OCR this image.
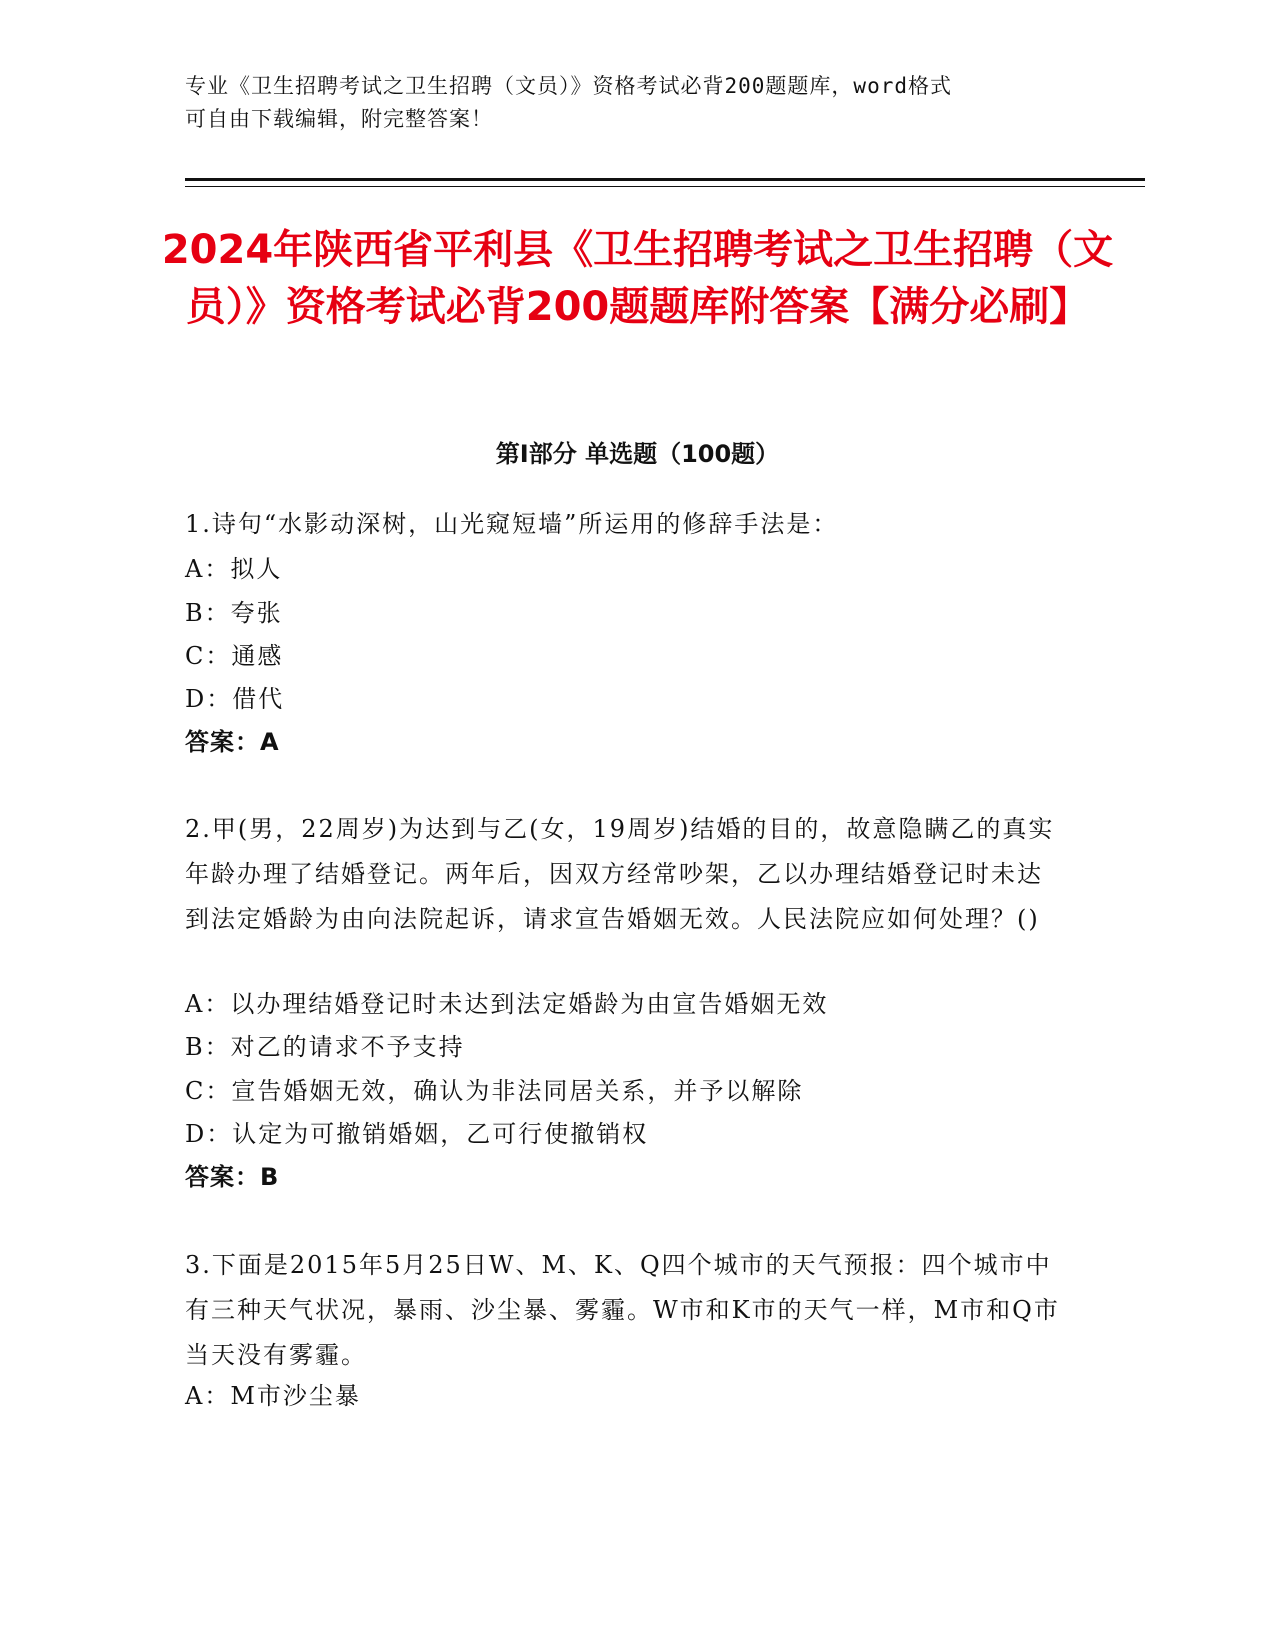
专业《卫生招聘考试之卫生招聘（文员）》资格考试必背200题题库，word格式
可自由下载编辑，附完整答案！
2024年陕西省平利县《卫生招聘考试之卫生招聘（文员）》资格考试必背200题题库附答案【满分必刷】
第Ⅰ部分 单选题（100题）
1.诗句“水影动深树，山光窥短墙”所运用的修辞手法是：
A：拟人
B：夸张
C：通感
D：借代
答案：A
2.甲(男，22周岁)为达到与乙(女，19周岁)结婚的目的，故意隐瞒乙的真实年龄办理了结婚登记。两年后，因双方经常吵架，乙以办理结婚登记时未达到法定婚龄为由向法院起诉，请求宣告婚姻无效。人民法院应如何处理？()
A：以办理结婚登记时未达到法定婚龄为由宣告婚姻无效
B：对乙的请求不予支持
C：宣告婚姻无效，确认为非法同居关系，并予以解除
D：认定为可撤销婚姻，乙可行使撤销权
答案：B
3.下面是2015年5月25日W、M、K、Q四个城市的天气预报：四个城市中有三种天气状况，暴雨、沙尘暴、雾霾。W市和K市的天气一样，M市和Q市当天没有雾霾。
A：M市沙尘暴
